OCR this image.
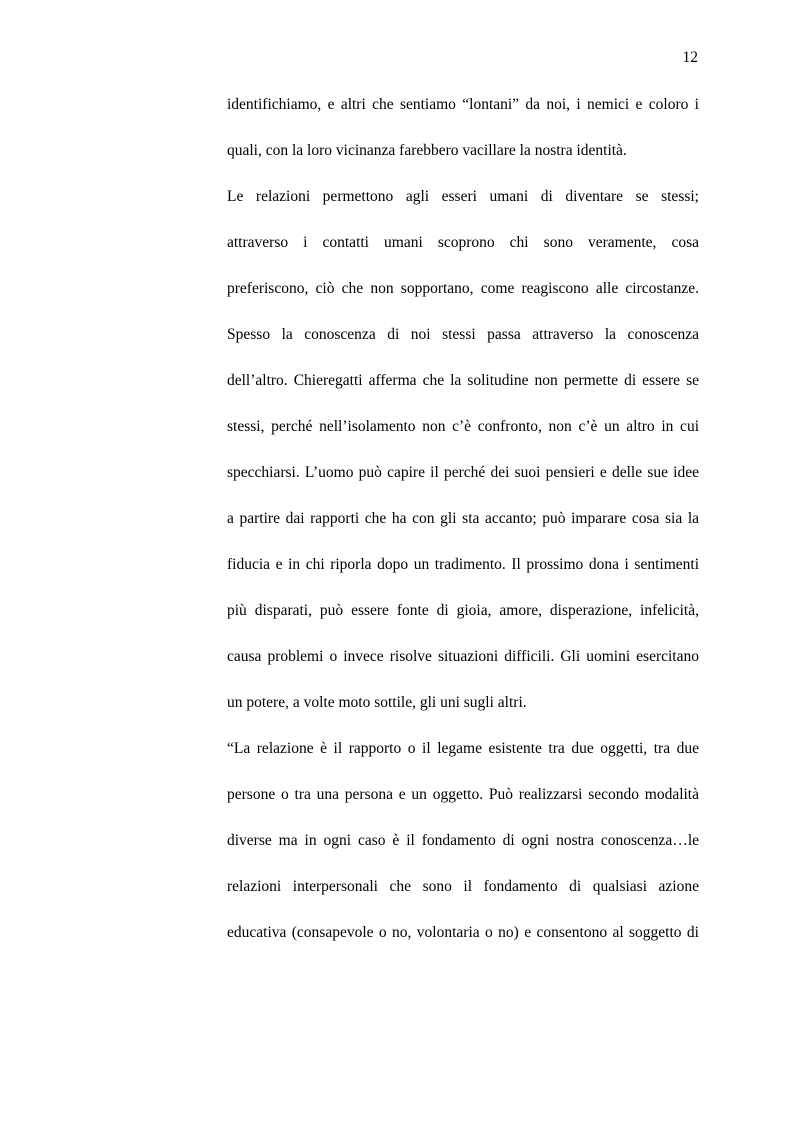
12
identifichiamo, e altri che sentiamo “lontani” da noi, i nemici e coloro i
quali, con la loro vicinanza farebbero vacillare la nostra identità.
Le relazioni permettono agli esseri umani di diventare se stessi;
attraverso i contatti umani scoprono chi sono veramente, cosa
preferiscono, ciò che non sopportano, come reagiscono alle circostanze.
Spesso la conoscenza di noi stessi passa attraverso la conoscenza
dell’altro. Chieregatti afferma che la solitudine non permette di essere se
stessi, perché nell’isolamento non c’è confronto, non c’è un altro in cui
specchiarsi. L’uomo può capire il perché dei suoi pensieri e delle sue idee
a partire dai rapporti che ha con gli sta accanto; può imparare cosa sia la
fiducia e in chi riporla dopo un tradimento. Il prossimo dona i sentimenti
più disparati, può essere fonte di gioia, amore, disperazione, infelicità,
causa problemi o invece risolve situazioni difficili. Gli uomini esercitano
un potere, a volte moto sottile, gli uni sugli altri.
“La relazione è il rapporto o il legame esistente tra due oggetti, tra due
persone o tra una persona e un oggetto. Può realizzarsi secondo modalità
diverse ma in ogni caso è il fondamento di ogni nostra conoscenza…le
relazioni interpersonali che sono il fondamento di qualsiasi azione
educativa (consapevole o no, volontaria o no) e consentono al soggetto di
